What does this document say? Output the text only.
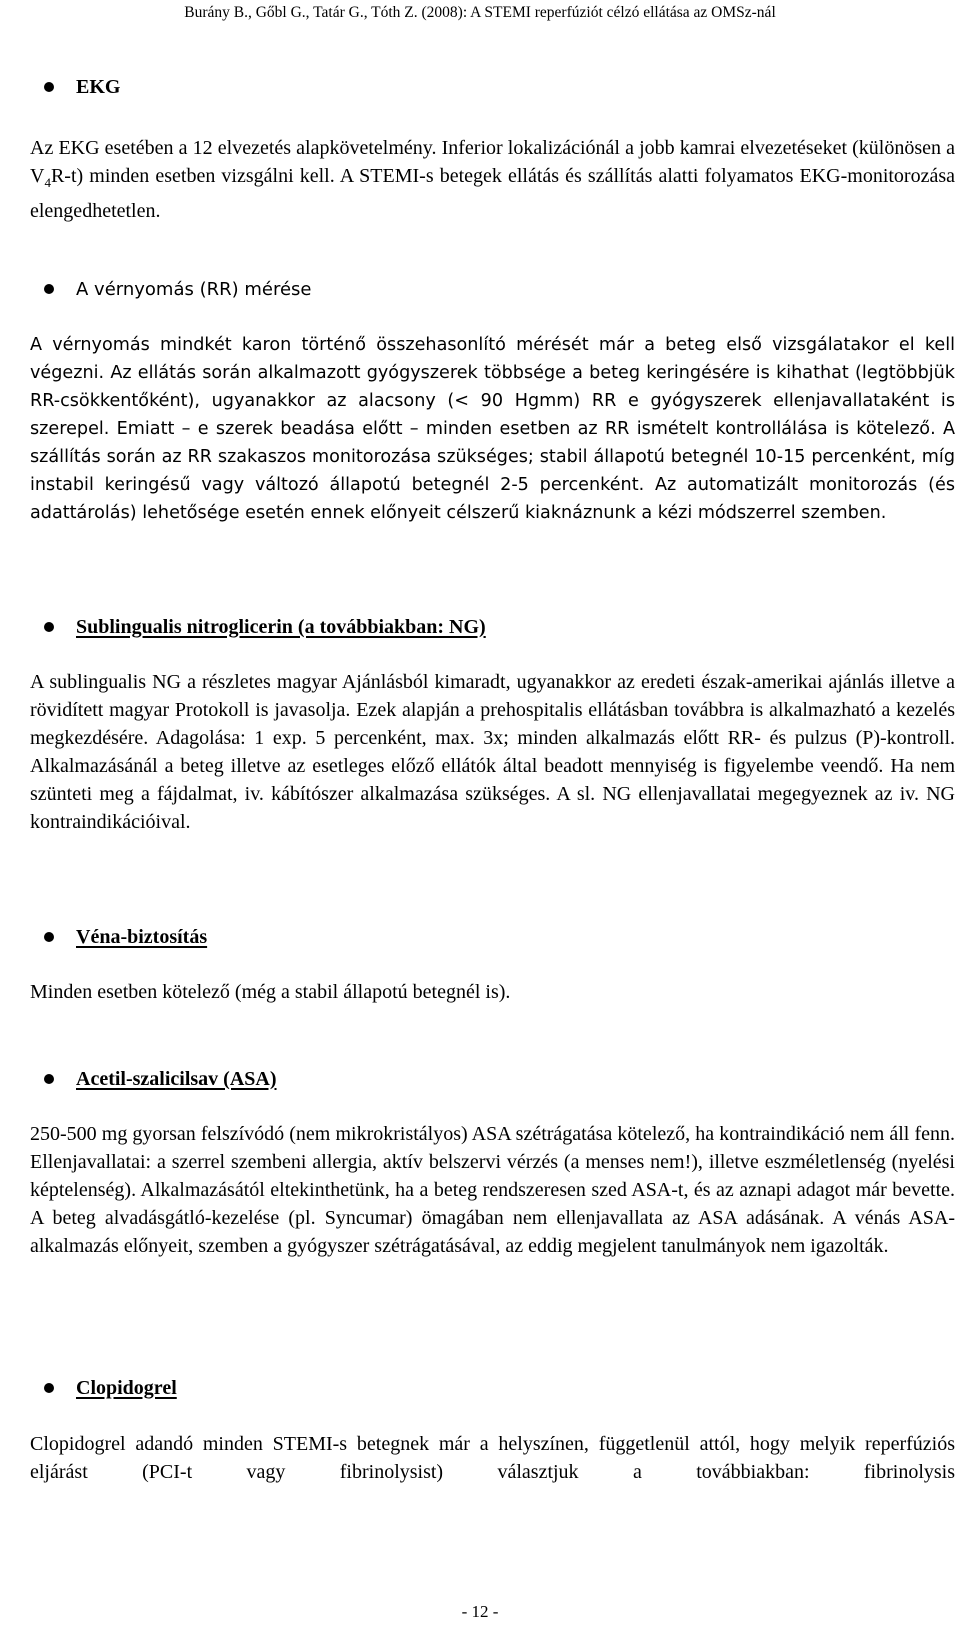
Burány B., Gőbl G., Tatár G., Tóth Z. (2008): A STEMI reperfúziót célzó ellátása az OMSz-nál
EKG

Az EKG esetében a 12 elvezetés alapkövetelmény. Inferior lokalizációnál a jobb kamrai elvezetéseket (különösen a $V_4R-t$) minden esetben vizsgálni kell. A STEMI-s betegek ellátás és szállítás alatti folyamatos EKG-monitorozása elengedhetetlen.

A vérnyomás (RR) mérése

A vérnyomás mindkét karon történő összehasonlító mérését már a beteg első vizsgálatakor el kell végezni. Az ellátás során alkalmazott gyógyszerek többsége a beteg keringésére is kihathat (legtöbbjük RR-csökkentőként), ugyanakkor az alacsony (< 90 Hgmm) RR e gyógyszerek ellenjavallataként is szerepel. Emiatt – e szerek beadása előtt – minden esetben az RR ismételt kontrollálása is kötelező. A szállítás során az RR szakaszos monitorozása szükséges; stabil állapotú betegnél 10-15 percenként, míg instabil keringésű vagy változó állapotú betegnél 2-5 percenként. Az automatizált monitorozás (és adattárolás) lehetősége esetén ennek előnyeit célszerű kiaknáznunk a kézi módszerrel szemben.

Sublingualis nitroglicerin (a továbbiakban: NG)

A sublingualis NG a részletes magyar Ajánlásból kimaradt, ugyanakkor az eredeti észak-amerikai ajánlás illetve a rövidített magyar Protokoll is javasolja. Ezek alapján a prehospitalis ellátásban továbbra is alkalmazható a kezelés megkezdésére. Adagolása: 1 exp. 5 percenként, max. 3x; minden alkalmazás előtt RR- és pulzus (P)-kontroll. Alkalmazásánál a beteg illetve az esetleges előző ellátók által beadott mennyiség is figyelembe veendő. Ha nem szünteti meg a fájdalmat, iv. kábítószer alkalmazása szükséges. A sl. NG ellenjavallatai megegyeznek az iv. NG kontraindikációival.

Véna-biztosítás

Minden esetben kötelező (még a stabil állapotú betegnél is).

Acetil-szalicilsav (ASA)

250-500 mg gyorsan felszívódó (nem mikrokristályos) ASA szétrágatása kötelező, ha kontraindikáció nem áll fenn. Ellenjavallatai: a szerrel szembeni allergia, aktív belszervi vérzés (a menses nem!), illetve eszméletlenség (nyelési képtelenség). Alkalmazásától eltekinthetünk, ha a beteg rendszeresen szed ASA-t, és az aznapi adagot már bevette. A beteg alvadásgátló-kezelése (pl. Syncumar) ömagában nem ellenjavallata az ASA adásának. A vénás ASA-alkalmazás előnyeit, szemben a gyógyszer szétrágatásával, az eddig megjelent tanulmányok nem igazolták.

Clopidogrel

Clopidogrel adandó minden STEMI-s betegnek már a helyszínen, függetlenül attól, hogy melyik reperfúziós eljárást (PCI-t vagy fibrinolysist) választjuk a továbbiakban: fibrinolysis

- 12 -
